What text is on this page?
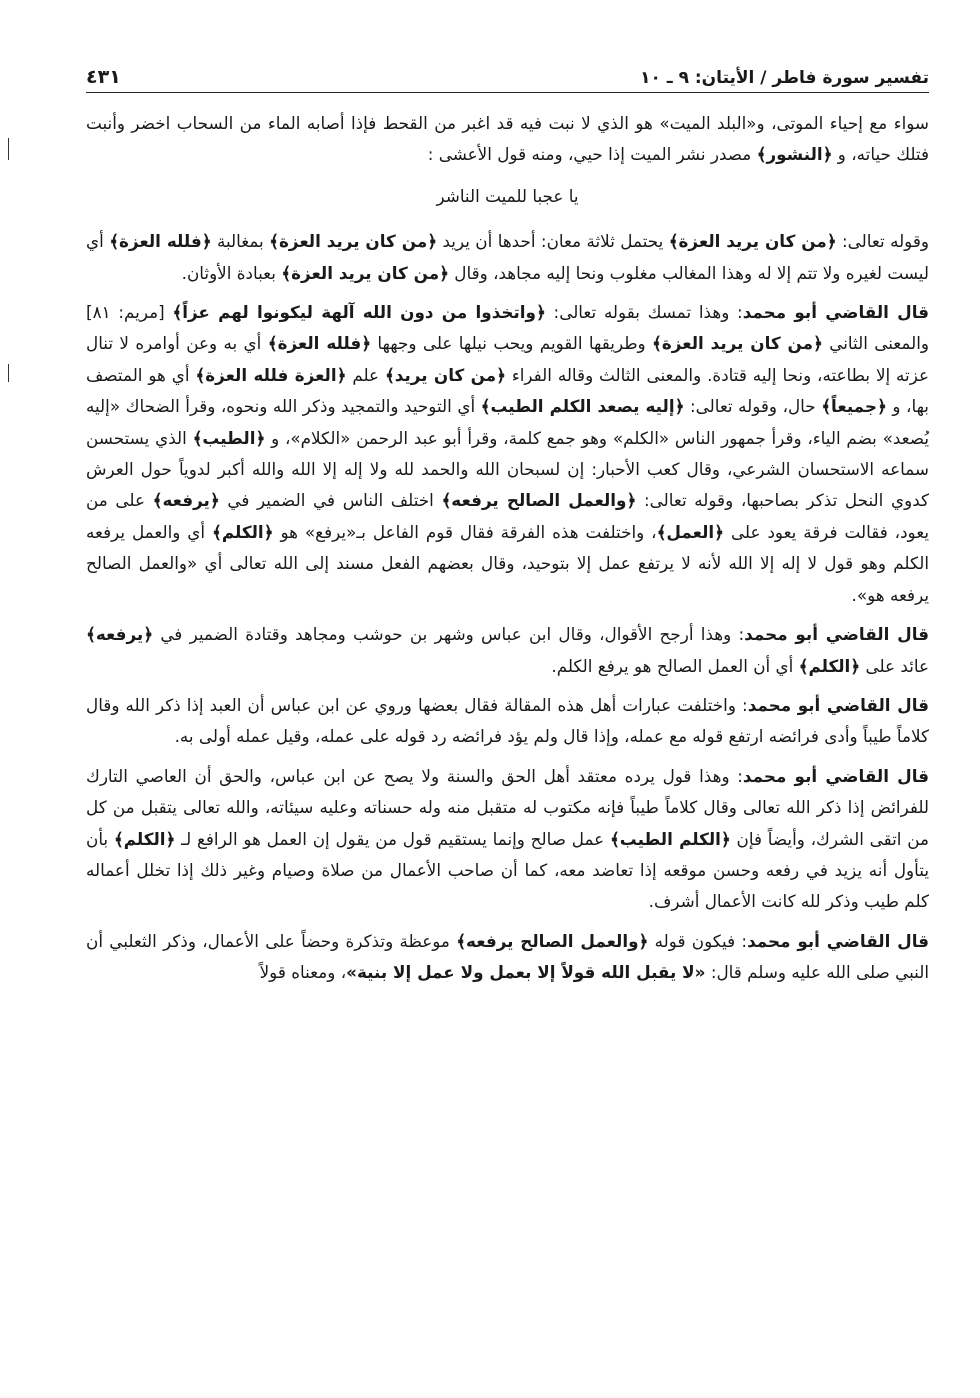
تفسير سورة فاطر / الأيتان: ٩ ـ ١٠
٤٣١

سواء مع إحياء الموتى، و«البلد الميت» هو الذي لا نبت فيه قد اغبر من القحط فإذا أصابه الماء من السحاب اخضر وأنبت فتلك حياته، و ﴿النشور﴾ مصدر نشر الميت إذا حيي، ومنه قول الأعشى :

يا عجبا للميت الناشر

وقوله تعالى: ﴿من كان يريد العزة﴾ يحتمل ثلاثة معان: أحدها أن يريد ﴿من كان يريد العزة﴾ بمغالبة ﴿فلله العزة﴾ أي ليست لغيره ولا تتم إلا له وهذا المغالب مغلوب ونحا إليه مجاهد، وقال ﴿من كان يريد العزة﴾ بعبادة الأوثان.

قال القاضي أبو محمد: وهذا تمسك بقوله تعالى: ﴿واتخذوا من دون الله آلهة ليكونوا لهم عزاً﴾ [مريم: ٨١] والمعنى الثاني ﴿من كان يريد العزة﴾ وطريقها القويم ويحب نيلها على وجهها ﴿فلله العزة﴾ أي به وعن أوامره لا تنال عزته إلا بطاعته، ونحا إليه قتادة. والمعنى الثالث وقاله الفراء ﴿من كان يريد﴾ علم ﴿العزة فلله العزة﴾ أي هو المتصف بها، و ﴿جميعاً﴾ حال، وقوله تعالى: ﴿إليه يصعد الكلم الطيب﴾ أي التوحيد والتمجيد وذكر الله ونحوه، وقرأ الضحاك «إليه يُصعد» بضم الياء، وقرأ جمهور الناس «الكلم» وهو جمع كلمة، وقرأ أبو عبد الرحمن «الكلام»، و ﴿الطيب﴾ الذي يستحسن سماعه الاستحسان الشرعي، وقال كعب الأحبار: إن لسبحان الله والحمد لله ولا إله إلا الله والله أكبر لدوياً حول العرش كدوي النحل تذكر بصاحبها، وقوله تعالى: ﴿والعمل الصالح يرفعه﴾ اختلف الناس في الضمير في ﴿يرفعه﴾ على من يعود، فقالت فرقة يعود على ﴿العمل﴾، واختلفت هذه الفرقة فقال قوم الفاعل بـ«يرفع» هو ﴿الكلم﴾ أي والعمل يرفعه الكلم وهو قول لا إله إلا الله لأنه لا يرتفع عمل إلا بتوحيد، وقال بعضهم الفعل مسند إلى الله تعالى أي «والعمل الصالح يرفعه هو».

قال القاضي أبو محمد: وهذا أرجح الأقوال، وقال ابن عباس وشهر بن حوشب ومجاهد وقتادة الضمير في ﴿يرفعه﴾ عائد على ﴿الكلم﴾ أي أن العمل الصالح هو يرفع الكلم.

قال القاضي أبو محمد: واختلفت عبارات أهل هذه المقالة فقال بعضها وروي عن ابن عباس أن العبد إذا ذكر الله وقال كلاماً طيباً وأدى فرائضه ارتفع قوله مع عمله، وإذا قال ولم يؤد فرائضه رد قوله على عمله، وقيل عمله أولى به.

قال القاضي أبو محمد: وهذا قول يرده معتقد أهل الحق والسنة ولا يصح عن ابن عباس، والحق أن العاصي التارك للفرائض إذا ذكر الله تعالى وقال كلاماً طيباً فإنه مكتوب له متقبل منه وله حسناته وعليه سيئاته، والله تعالى يتقبل من كل من اتقى الشرك، وأيضاً فإن ﴿الكلم الطيب﴾ عمل صالح وإنما يستقيم قول من يقول إن العمل هو الرافع لـ ﴿الكلم﴾ بأن يتأول أنه يزيد في رفعه وحسن موقعه إذا تعاضد معه، كما أن صاحب الأعمال من صلاة وصيام وغير ذلك إذا تخلل أعماله كلم طيب وذكر لله كانت الأعمال أشرف.

قال القاضي أبو محمد: فيكون قوله ﴿والعمل الصالح يرفعه﴾ موعظة وتذكرة وحضاً على الأعمال، وذكر الثعلبي أن النبي صلى الله عليه وسلم قال: «لا يقبل الله قولاً إلا بعمل ولا عمل إلا بنية»، ومعناه قولاً
